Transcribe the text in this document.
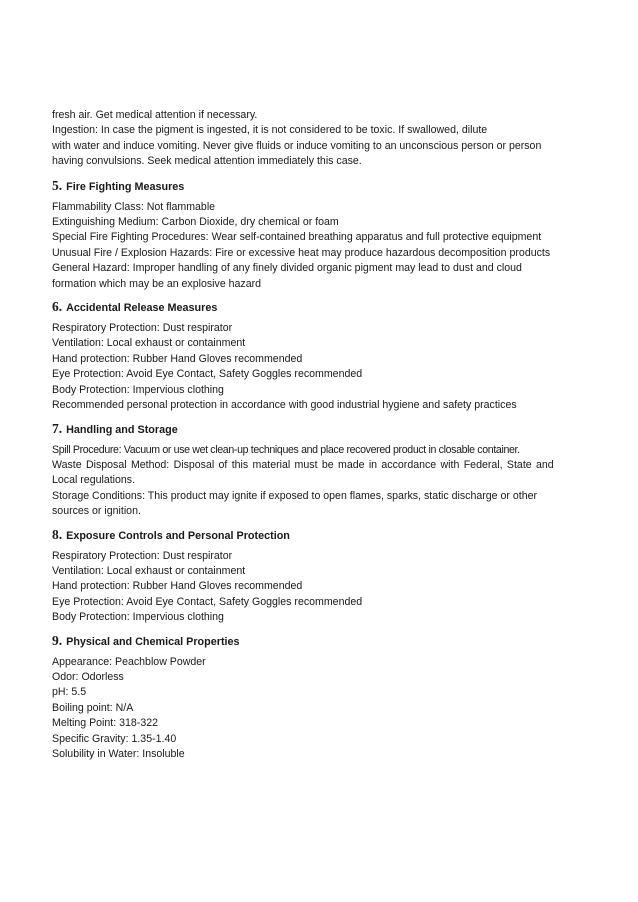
fresh air. Get medical attention if necessary.

Ingestion: In case the pigment is ingested, it is not considered to be toxic. If swallowed, dilute

with water and induce vomiting. Never give fluids or induce vomiting to an unconscious person or person

having convulsions. Seek medical attention immediately this case.

5. Fire Fighting Measures

Flammability Class: Not flammable

Extinguishing Medium: Carbon Dioxide, dry chemical or foam

Special Fire Fighting Procedures: Wear self-contained breathing apparatus and full protective equipment

Unusual Fire / Explosion Hazards: Fire or excessive heat may produce hazardous decomposition products

General Hazard: Improper handling of any finely divided organic pigment may lead to dust and cloud

formation which may be an explosive hazard

6. Accidental Release Measures

Respiratory Protection: Dust respirator

Ventilation: Local exhaust or containment

Hand protection: Rubber Hand Gloves recommended

Eye Protection: Avoid Eye Contact, Safety Goggles recommended

Body Protection: Impervious clothing

Recommended personal protection in accordance with good industrial hygiene and safety practices

7. Handling and Storage

Spill Procedure: Vacuum or use wet clean-up techniques and place recovered product in closable container.

Waste Disposal Method: Disposal of this material must be made in accordance with Federal, State and

Local regulations.

Storage Conditions: This product may ignite if exposed to open flames, sparks, static discharge or other

sources or ignition.

8. Exposure Controls and Personal Protection

Respiratory Protection: Dust respirator

Ventilation: Local exhaust or containment

Hand protection: Rubber Hand Gloves recommended

Eye Protection: Avoid Eye Contact, Safety Goggles recommended

Body Protection: Impervious clothing

9. Physical and Chemical Properties

Appearance: Peachblow Powder

Odor: Odorless

pH: 5.5

Boiling point: N/A

Melting Point: 318-322

Specific Gravity: 1.35-1.40

Solubility in Water: Insoluble
